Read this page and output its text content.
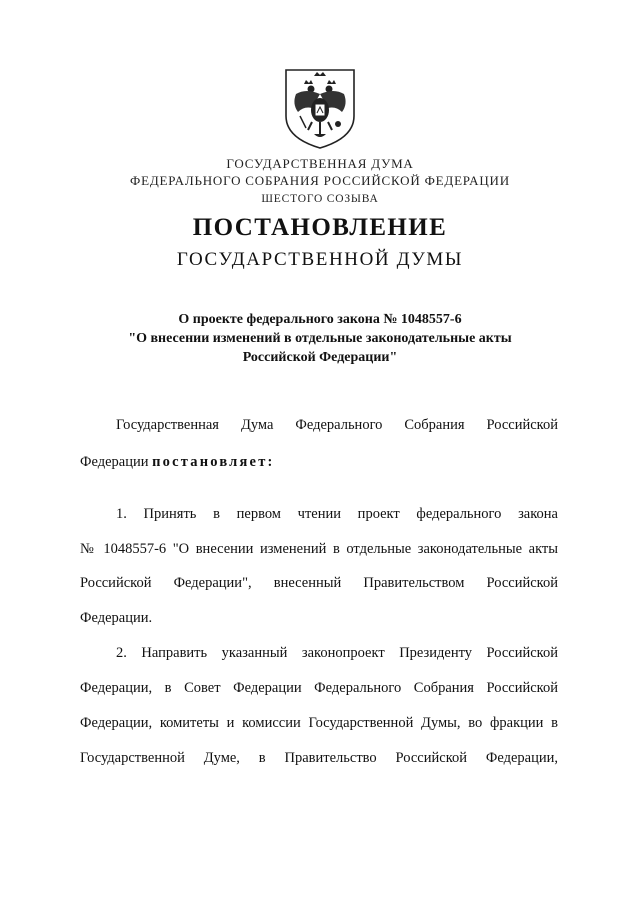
ГОСУДАРСТВЕННАЯ ДУМА
ФЕДЕРАЛЬНОГО СОБРАНИЯ РОССИЙСКОЙ ФЕДЕРАЦИИ
ШЕСТОГО СОЗЫВА
ПОСТАНОВЛЕНИЕ
ГОСУДАРСТВЕННОЙ ДУМЫ
О проекте федерального закона № 1048557-6
"О внесении изменений в отдельные законодательные акты
Российской Федерации"
Государственная Дума Федерального Собрания Российской
Федерации постановляет:
1. Принять в первом чтении проект федерального закона
№ 1048557-6 "О внесении изменений в отдельные законодательные акты
Российской Федерации", внесенный Правительством Российской
Федерации.
2. Направить указанный законопроект Президенту Российской
Федерации, в Совет Федерации Федерального Собрания Российской
Федерации, комитеты и комиссии Государственной Думы, во фракции в
Государственной Думе, в Правительство Российской Федерации,
